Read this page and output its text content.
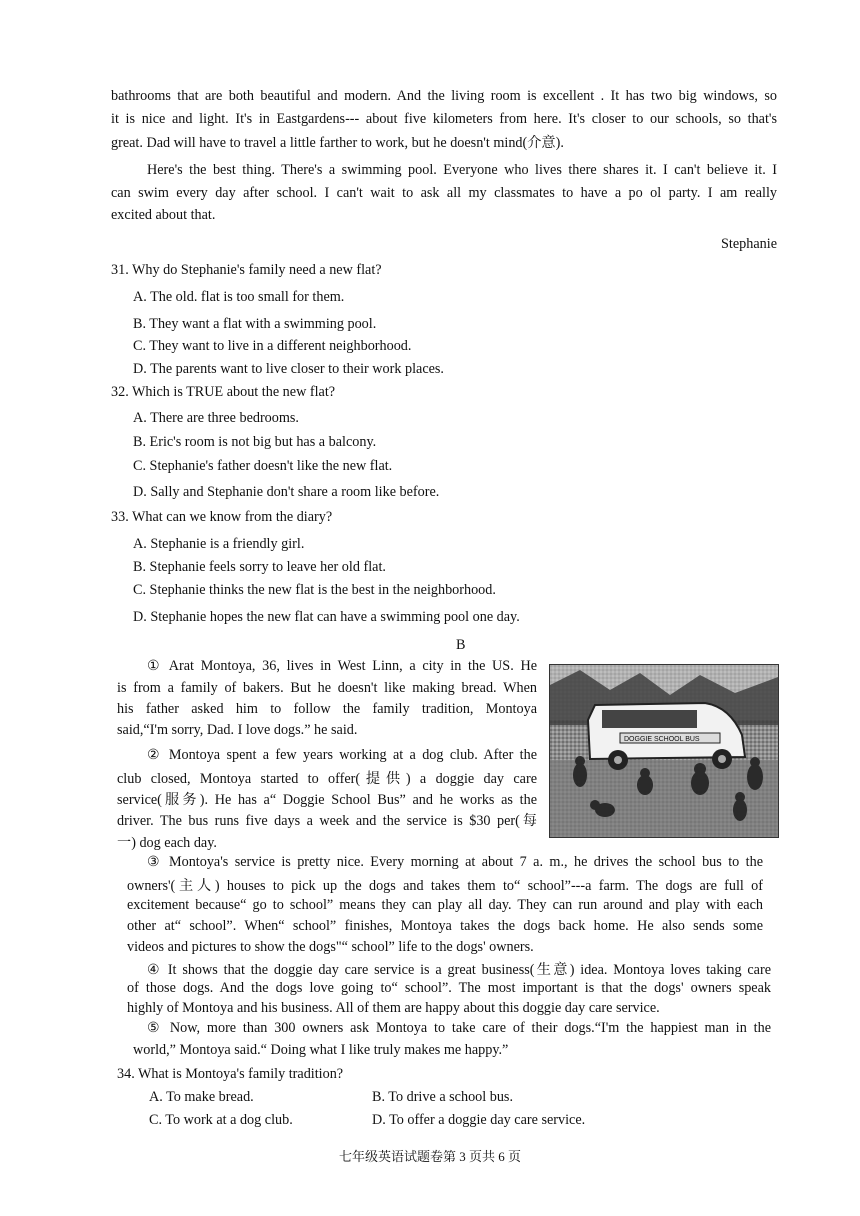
bathrooms that are both beautiful and modern. And the living room is excellent . It has two big windows, so
it is nice and light. It's in Eastgardens--- about five kilometers from here. It's closer to our schools, so that's
great. Dad will have to travel a little farther to work, but he doesn't mind(介意).
Here's the best thing. There's a swimming pool. Everyone who lives there shares it. I can't believe it. I
can swim every day after school. I can't wait to ask all my classmates to have a po ol party. I am really
excited about that.
Stephanie
31. Why do Stephanie's family need a new flat?
A. The old. flat is too small for them.
B. They want a flat with a swimming pool.
C. They want to live in a different neighborhood.
D. The parents want to live closer to their work places.
32. Which is TRUE about the new flat?
A. There are three bedrooms.
B. Eric's room is not big but has a balcony.
C. Stephanie's father doesn't like the new flat.
D. Sally and Stephanie don't share a room like before.
33. What can we know from the diary?
A. Stephanie is a friendly girl.
B. Stephanie feels sorry to leave her old flat.
C. Stephanie thinks the new flat is the best in the neighborhood.
D. Stephanie hopes the new flat can have a swimming pool one day.
B
DOGGIE SCHOOL BUS
① Arat Montoya, 36, lives in West Linn, a city in the US. He
is from a family of bakers. But he doesn't like making bread. When
his father asked him to follow the family tradition, Montoya
said,“I'm sorry, Dad. I love dogs.” he said.
② Montoya spent a few years working at a dog club. After the
club closed, Montoya started to offer(提供) a doggie day care
service(服务). He has a“ Doggie School Bus” and he works as the
driver. The bus runs five days a week and the service is $30 per(每
一) dog each day.
③ Montoya's service is pretty nice. Every morning at about 7 a. m., he drives the school bus to the
owners'(主人) houses to pick up the dogs and takes them to“ school”---a farm. The dogs are full of
excitement because“ go to school” means they can play all day. They can run around and play with each
other at“ school”. When“ school” finishes, Montoya takes the dogs back home. He also sends some
videos and pictures to show the dogs"“ school” life to the dogs' owners.
④ It shows that the doggie day care service is a great business(生意) idea. Montoya loves taking care
of those dogs. And the dogs love going to“ school”. The most important is that the dogs' owners speak
highly of Montoya and his business. All of them are happy about this doggie day care service.
⑤ Now, more than 300 owners ask Montoya to take care of their dogs.“I'm the happiest man in the
world,” Montoya said.“ Doing what I like truly makes me happy.”
34. What is Montoya's family tradition?
A. To make bread.	B. To drive a school bus.
C. To work at a dog club.	D. To offer a doggie day care service.
七年级英语试题卷第 3 页共 6 页
